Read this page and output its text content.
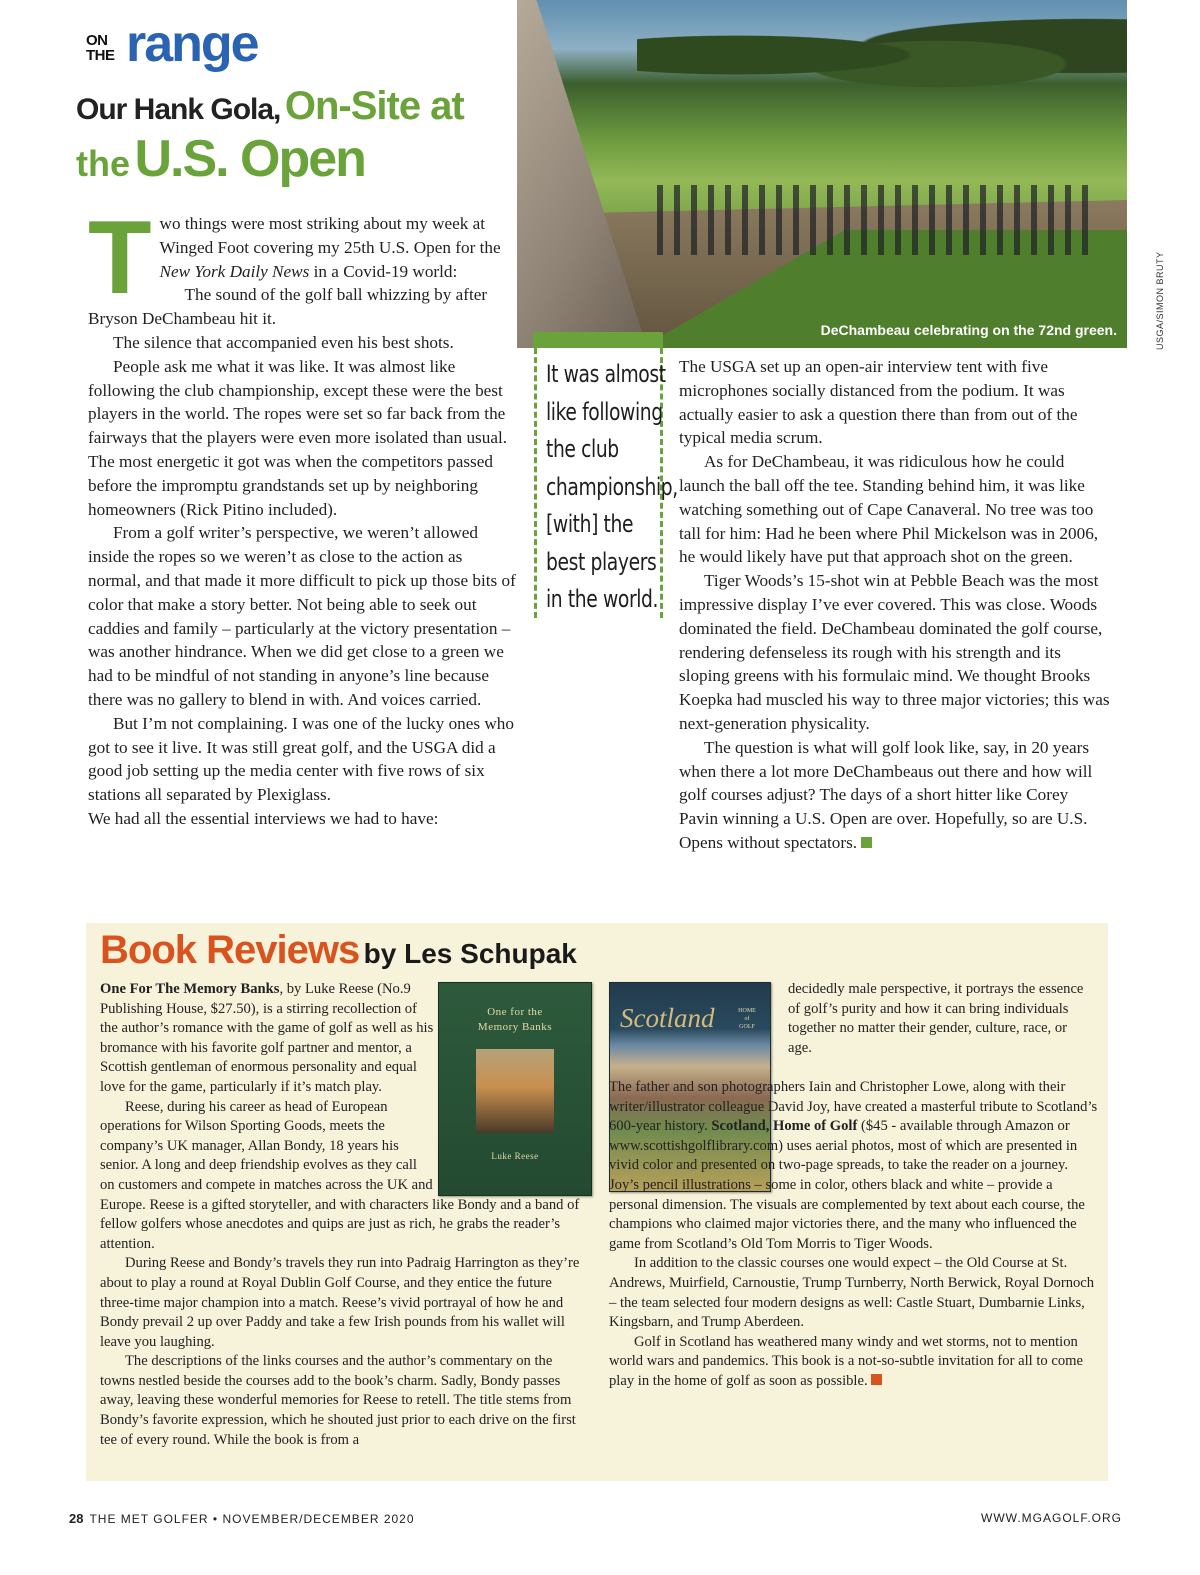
ON
THE range
Our Hank Gola, On-Site at
the U.S. Open
DeChambeau celebrating on the 72nd green.	USGA/SIMON BRUTY
T wo things were most striking about my week at Winged Foot covering my 25th U.S. Open for the New York Daily News in a Covid-19 world:

The sound of the golf ball whizzing by after Bryson DeChambeau hit it.

The silence that accompanied even his best shots.

People ask me what it was like. It was almost like following the club championship, except these were the best players in the world. The ropes were set so far back from the fairways that the players were even more isolated than usual. The most energetic it got was when the competitors passed before the impromptu grandstands set up by neighboring homeowners (Rick Pitino included).

From a golf writer’s perspective, we weren’t allowed inside the ropes so we weren’t as close to the action as normal, and that made it more difficult to pick up those bits of color that make a story better. Not being able to seek out caddies and family – particularly at the victory presentation – was another hindrance. When we did get close to a green we had to be mindful of not standing in anyone’s line because there was no gallery to blend in with. And voices carried.

But I’m not complaining. I was one of the lucky ones who got to see it live. It was still great golf, and the USGA did a good job setting up the media center with five rows of six stations all separated by Plexiglass.

We had all the essential interviews we had to have:

It was almost
like following
the club
championship,
[with] the
best players
in the world.

The USGA set up an open-air interview tent with five microphones socially distanced from the podium. It was actually easier to ask a question there than from out of the typical media scrum.

As for DeChambeau, it was ridiculous how he could launch the ball off the tee. Standing behind him, it was like watching something out of Cape Canaveral. No tree was too tall for him: Had he been where Phil Mickelson was in 2006, he would likely have put that approach shot on the green.

Tiger Woods’s 15-shot win at Pebble Beach was the most impressive display I’ve ever covered. This was close. Woods dominated the field. DeChambeau dominated the golf course, rendering defenseless its rough with his strength and its sloping greens with his formulaic mind. We thought Brooks Koepka had muscled his way to three major victories; this was next-generation physicality.

The question is what will golf look like, say, in 20 years when there a lot more DeChambeaus out there and how will golf courses adjust? The days of a short hitter like Corey Pavin winning a U.S. Open are over. Hopefully, so are U.S. Opens without spectators.

Book Reviews by Les Schupak
One for the
Memory Banks
Luke Reese
Scotland	HOME
of
GOLF

One For The Memory Banks, by Luke Reese (No.9 Publishing House, $27.50), is a stirring recollection of the author’s romance with the game of golf as well as his bromance with his favorite golf partner and mentor, a Scottish gentleman of enormous personality and equal love for the game, particularly if it’s match play.

Reese, during his career as head of European operations for Wilson Sporting Goods, meets the company’s UK manager, Allan Bondy, 18 years his senior. A long and deep friendship evolves as they call on customers and compete in matches across the UK and Europe. Reese is a gifted storyteller, and with characters like Bondy and a band of fellow golfers whose anecdotes and quips are just as rich, he grabs the reader’s attention.

During Reese and Bondy’s travels they run into Padraig Harrington as they’re about to play a round at Royal Dublin Golf Course, and they entice the future three-time major champion into a match. Reese’s vivid portrayal of how he and Bondy prevail 2 up over Paddy and take a few Irish pounds from his wallet will leave you laughing.

The descriptions of the links courses and the author’s commentary on the towns nestled beside the courses add to the book’s charm. Sadly, Bondy passes away, leaving these wonderful memories for Reese to retell. The title stems from Bondy’s favorite expression, which he shouted just prior to each drive on the first tee of every round. While the book is from a

The father and son photographers Iain and Christopher Lowe, along with their writer/illustrator colleague David Joy, have created a masterful tribute to Scotland’s 600-year history. Scotland, Home of Golf ($45 - available through Amazon or www.scottishgolflibrary.com) uses aerial photos, most of which are presented in vivid color and presented on two-page spreads, to take the reader on a journey. Joy’s pencil illustrations – some in color, others black and white – provide a personal dimension. The visuals are complemented by text about each course, the champions who claimed major victories there, and the many who influenced the game from Scotland’s Old Tom Morris to Tiger Woods.

In addition to the classic courses one would expect – the Old Course at St. Andrews, Muirfield, Carnoustie, Trump Turnberry, North Berwick, Royal Dornoch – the team selected four modern designs as well: Castle Stuart, Dumbarnie Links, Kingsbarn, and Trump Aberdeen.

Golf in Scotland has weathered many windy and wet storms, not to mention world wars and pandemics. This book is a not-so-subtle invitation for all to come play in the home of golf as soon as possible.

28 THE MET GOLFER • NOVEMBER/DECEMBER 2020	WWW.MGAGOLF.ORG
decidedly male perspective, it portrays the essence of golf’s purity and how it can bring individuals together no matter their gender, culture, race, or age.
